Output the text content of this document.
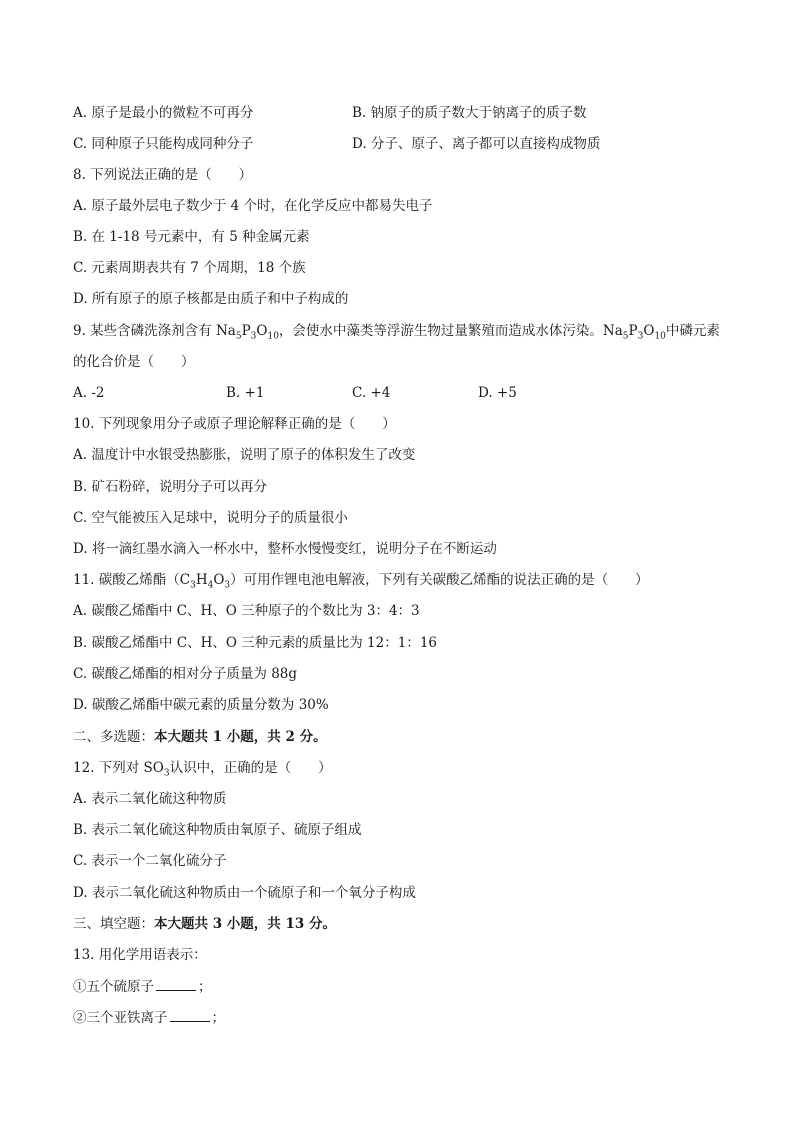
A. 原子是最小的微粒不可再分	B. 钠原子的质子数大于钠离子的质子数
C. 同种原子只能构成同种分子	D. 分子、原子、离子都可以直接构成物质
8. 下列说法正确的是（　　）
A. 原子最外层电子数少于 4 个时，在化学反应中都易失电子
B. 在 1-18 号元素中，有 5 种金属元素
C. 元素周期表共有 7 个周期，18 个族
D. 所有原子的原子核都是由质子和中子构成的
9. 某些含磷洗涤剂含有 $Na_5P_3O_{10}$，会使水中藻类等浮游生物过量繁殖而造成水体污染。$Na_5P_3O_{10}$中磷元素
的化合价是（　　）
A. -2	B. +1	C. +4	D. +5
10. 下列现象用分子或原子理论解释正确的是（　　）
A. 温度计中水银受热膨胀，说明了原子的体积发生了改变
B. 矿石粉碎，说明分子可以再分
C. 空气能被压入足球中，说明分子的质量很小
D. 将一滴红墨水滴入一杯水中，整杯水慢慢变红，说明分子在不断运动
11. 碳酸乙烯酯$(C_3H_4O_3)$可用作锂电池电解液，下列有关碳酸乙烯酯的说法正确的是（　　）
A. 碳酸乙烯酯中 C、H、O 三种原子的个数比为 3：4：3
B. 碳酸乙烯酯中 C、H、O 三种元素的质量比为 12：1：16
C. 碳酸乙烯酯的相对分子质量为 88g
D. 碳酸乙烯酯中碳元素的质量分数为 30%
二、多选题：本大题共 1 小题，共 2 分。
12. 下列对 $SO_3$认识中，正确的是（　　）
A. 表示二氧化硫这种物质
B. 表示二氧化硫这种物质由氧原子、硫原子组成
C. 表示一个二氧化硫分子
D. 表示二氧化硫这种物质由一个硫原子和一个氧分子构成
三、填空题：本大题共 3 小题，共 13 分。
13. 用化学用语表示：
①五个硫原子	；
②三个亚铁离子	；
